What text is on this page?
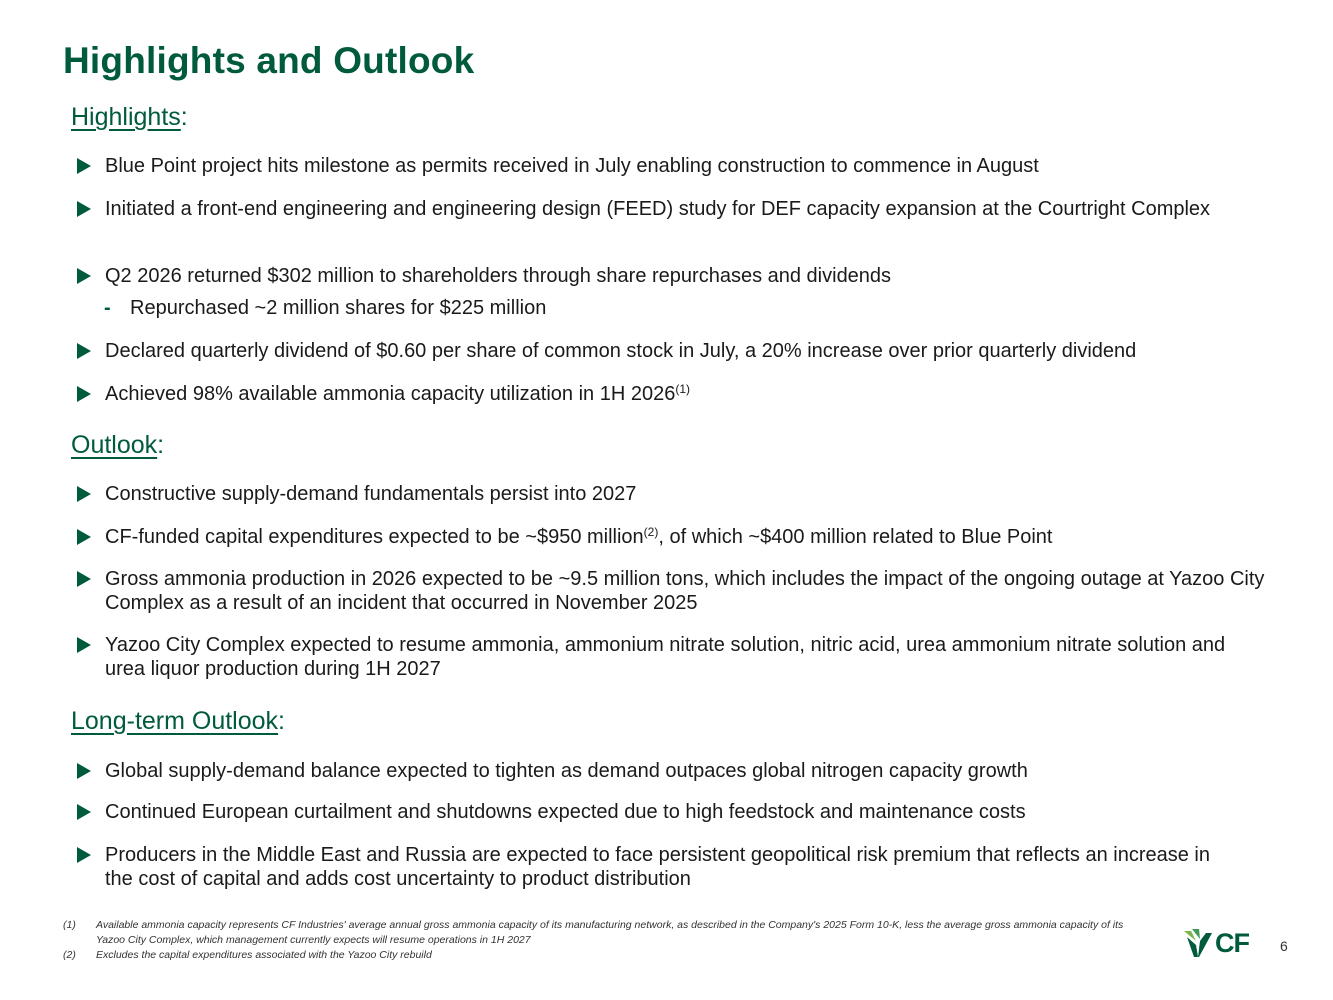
Highlights and Outlook
Highlights:
Blue Point project hits milestone as permits received in July enabling construction to commence in August
Initiated a front-end engineering and engineering design (FEED) study for DEF capacity expansion at the Courtright Complex
Q2 2026 returned $302 million to shareholders through share repurchases and dividends
- Repurchased ~2 million shares for $225 million
Declared quarterly dividend of $0.60 per share of common stock in July, a 20% increase over prior quarterly dividend
Achieved 98% available ammonia capacity utilization in 1H 2026$^{(1)}$
Outlook:
Constructive supply-demand fundamentals persist into 2027
CF-funded capital expenditures expected to be ~$950 million$^{(2)}$, of which ~$400 million related to Blue Point
Gross ammonia production in 2026 expected to be ~9.5 million tons, which includes the impact of the ongoing outage at Yazoo City Complex as a result of an incident that occurred in November 2025
Yazoo City Complex expected to resume ammonia, ammonium nitrate solution, nitric acid, urea ammonium nitrate solution and urea liquor production during 1H 2027
Long-term Outlook:
Global supply-demand balance expected to tighten as demand outpaces global nitrogen capacity growth
Continued European curtailment and shutdowns expected due to high feedstock and maintenance costs
Producers in the Middle East and Russia are expected to face persistent geopolitical risk premium that reflects an increase in the cost of capital and adds cost uncertainty to product distribution
(1)	Available ammonia capacity represents CF Industries' average annual gross ammonia capacity of its manufacturing network, as described in the Company's 2025 Form 10-K, less the average gross ammonia capacity of its Yazoo City Complex, which management currently expects will resume operations in 1H 2027
(2)	Excludes the capital expenditures associated with the Yazoo City rebuild	CF 6
